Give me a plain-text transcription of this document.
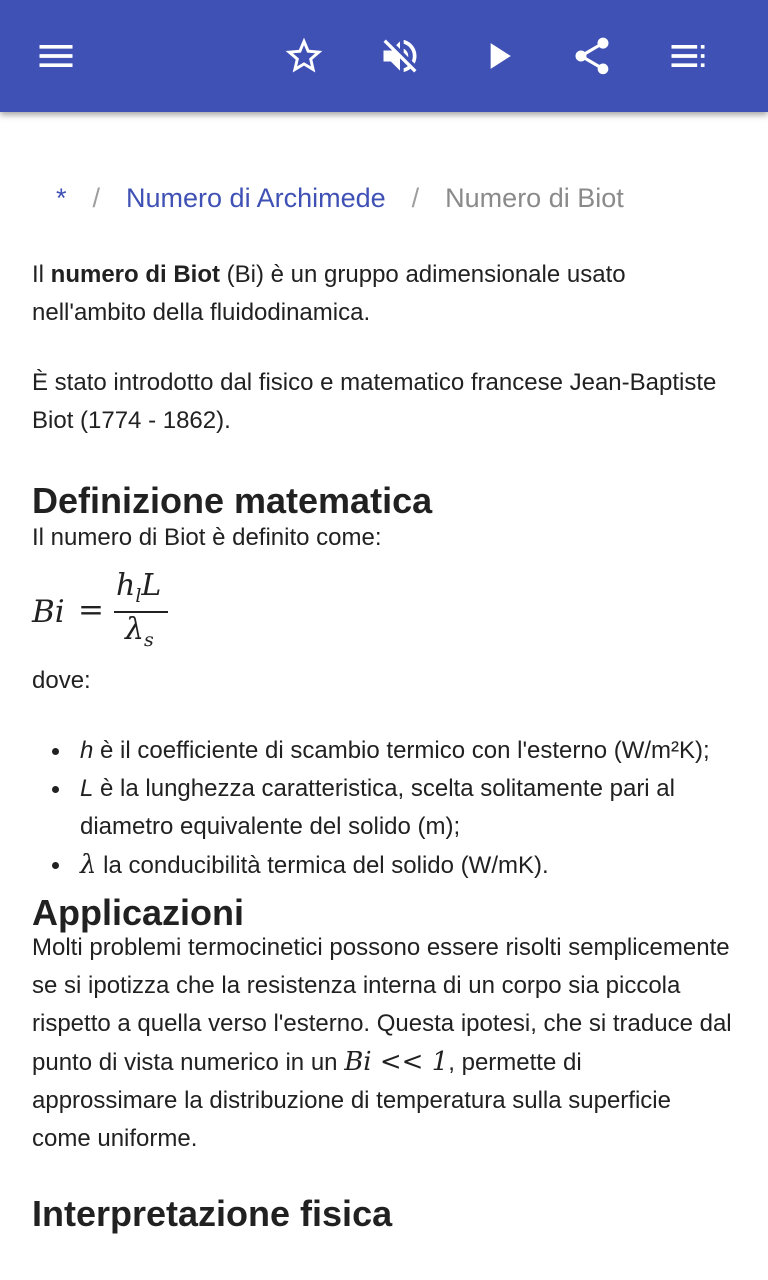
* / Numero di Archimede / Numero di Biot

Il numero di Biot (Bi) è un gruppo adimensionale usato nell'ambito della fluidodinamica.

È stato introdotto dal fisico e matematico francese Jean-Baptiste Biot (1774 - 1862).

Definizione matematica

Il numero di Biot è definito come:

Bi =
$h_lL$
$\lambda_s$

dove:

h è il coefficiente di scambio termico con l'esterno (W/m²K);
L è la lunghezza caratteristica, scelta solitamente pari al diametro equivalente del solido (m);
λ la conducibilità termica del solido (W/mK).
Applicazioni

Molti problemi termocinetici possono essere risolti semplicemente se si ipotizza che la resistenza interna di un corpo sia piccola rispetto a quella verso l'esterno. Questa ipotesi, che si traduce dal punto di vista numerico in un Bi << 1, permette di approssimare la distribuzione di temperatura sulla superficie come uniforme.

Interpretazione fisica
